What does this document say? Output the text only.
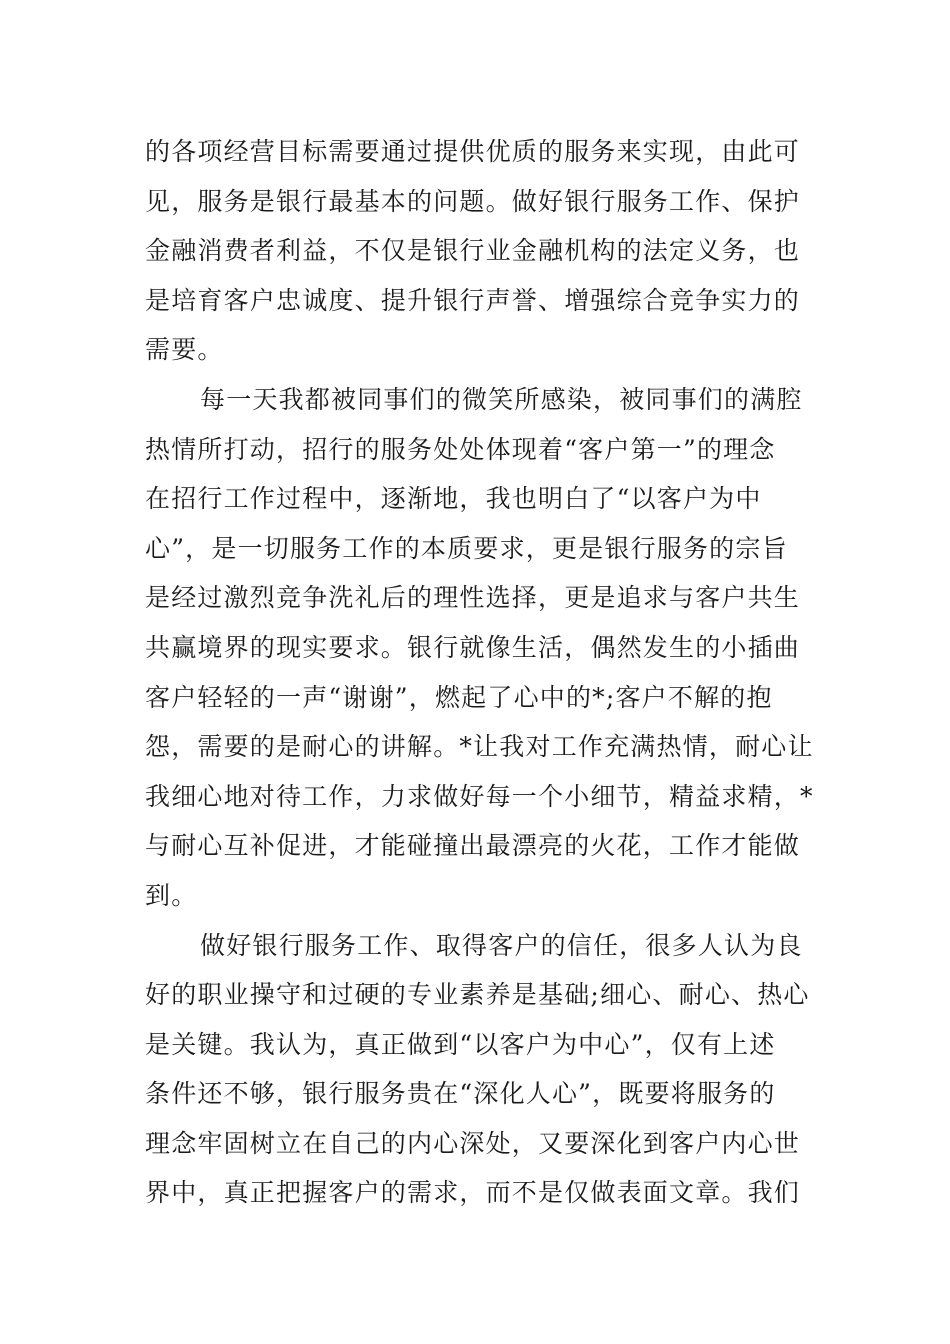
的各项经营目标需要通过提供优质的服务来实现，由此可
见，服务是银行最基本的问题。做好银行服务工作、保护
金融消费者利益，不仅是银行业金融机构的法定义务，也
是培育客户忠诚度、提升银行声誉、增强综合竞争实力的
需要。
每一天我都被同事们的微笑所感染，被同事们的满腔
热情所打动，招行的服务处处体现着“客户第一”的理念
在招行工作过程中，逐渐地，我也明白了“以客户为中
心”，是一切服务工作的本质要求，更是银行服务的宗旨
是经过激烈竞争洗礼后的理性选择，更是追求与客户共生
共赢境界的现实要求。银行就像生活，偶然发生的小插曲
客户轻轻的一声“谢谢”，燃起了心中的*;客户不解的抱
怨，需要的是耐心的讲解。*让我对工作充满热情，耐心让
我细心地对待工作，力求做好每一个小细节，精益求精，*
与耐心互补促进，才能碰撞出最漂亮的火花，工作才能做
到。
做好银行服务工作、取得客户的信任，很多人认为良
好的职业操守和过硬的专业素养是基础;细心、耐心、热心
是关键。我认为，真正做到“以客户为中心”，仅有上述
条件还不够，银行服务贵在“深化人心”，既要将服务的
理念牢固树立在自己的内心深处，又要深化到客户内心世
界中，真正把握客户的需求，而不是仅做表面文章。我们
